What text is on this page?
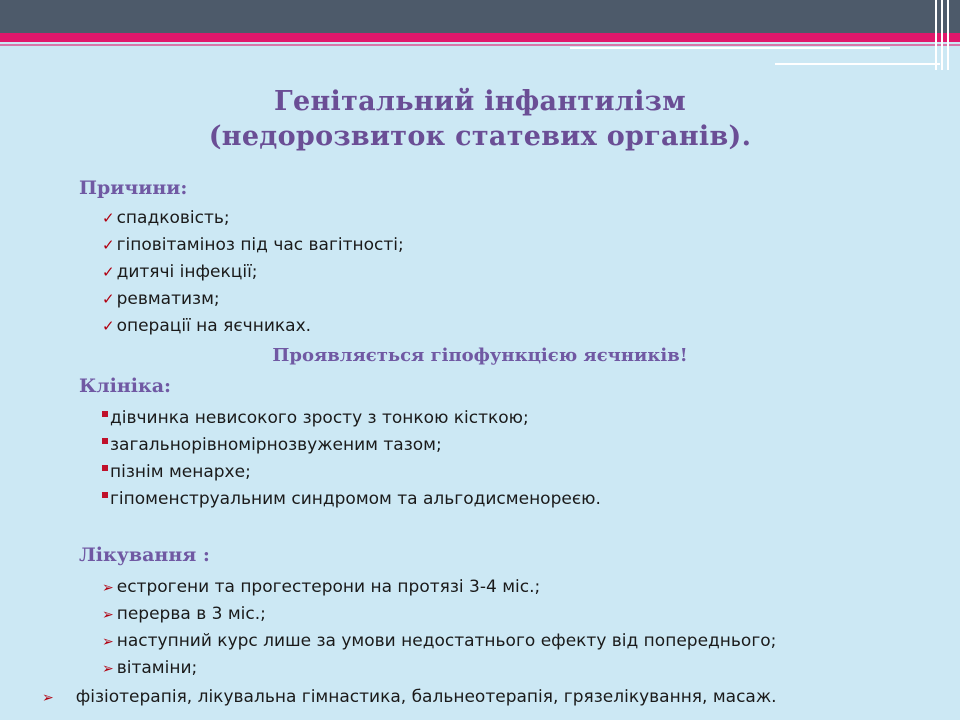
Генітальний інфантилізм
(недорозвиток статевих органів).
Причини:
✓ спадковість;
✓ гіповітаміноз під час вагітності;
✓ дитячі інфекції;
✓ ревматизм;
✓ операції на яєчниках.
Проявляється гіпофункцією яєчників!
Клініка:
дівчинка невисокого зросту з тонкою кісткою;
загальнорівномірнозвуженим тазом;
пізнім менархе;
гіпоменструальним синдромом та альгодисменореєю.
Лікування :
➢ естрогени та прогестерони на протязі 3-4 міс.;
➢ перерва в 3 міс.;
➢ наступний курс лише за умови недостатнього ефекту від попереднього;
➢ вітаміни;
➢ фізіотерапія, лікувальна гімнастика, бальнеотерапія, грязелікування, масаж.
